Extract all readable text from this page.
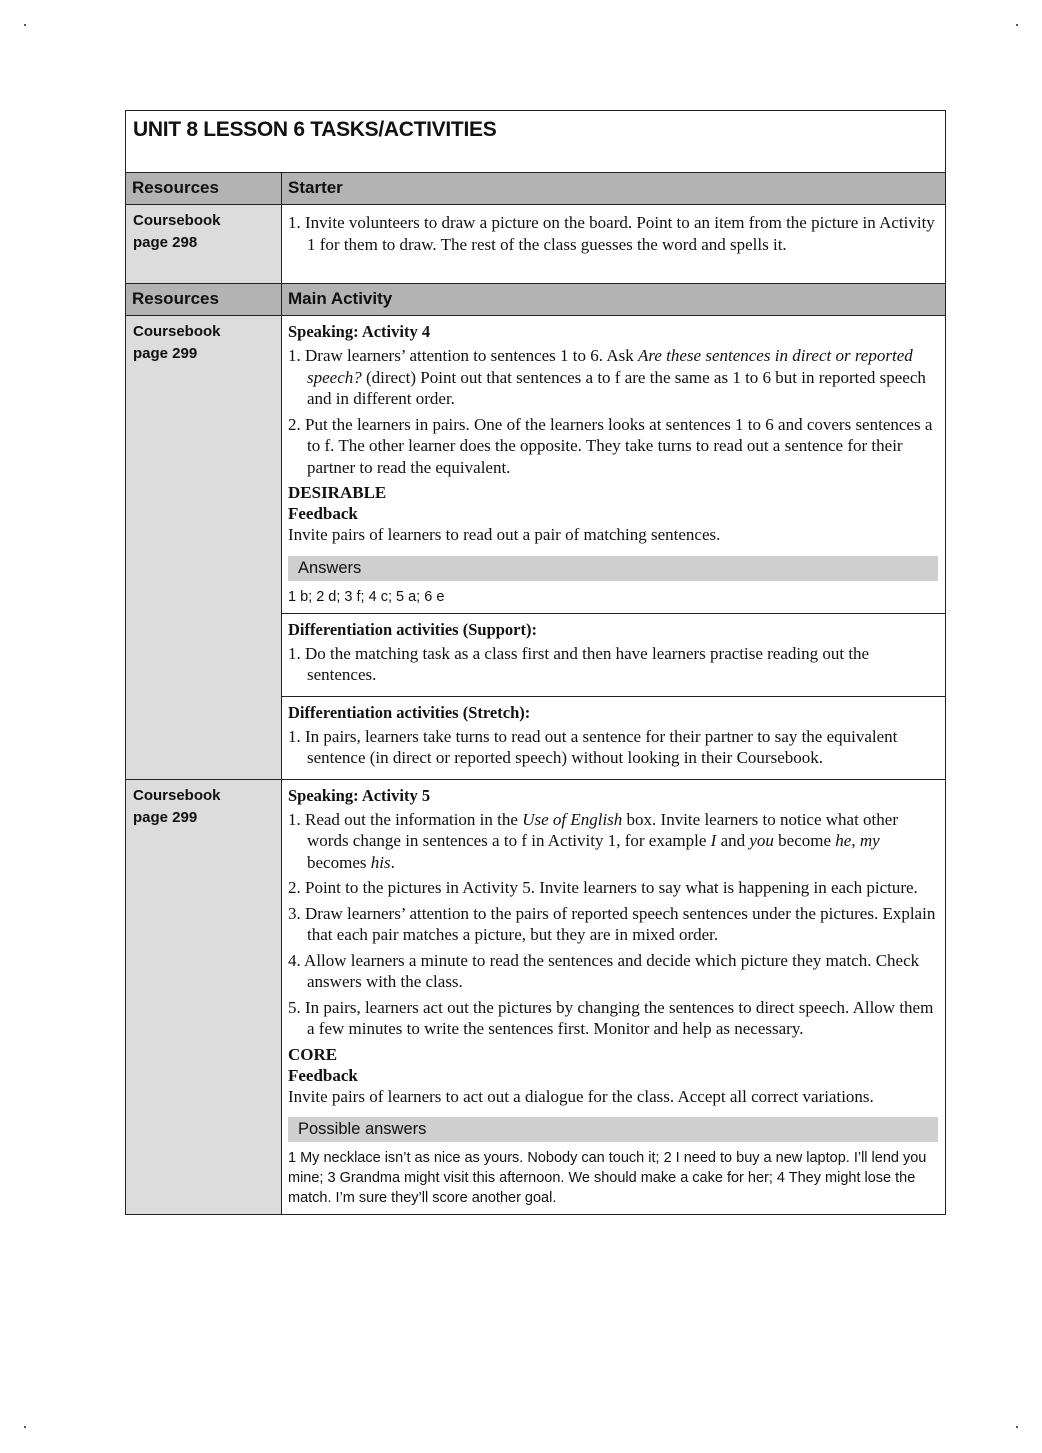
UNIT 8 LESSON 6 TASKS/ACTIVITIES
Resources	Starter
Coursebook
page 298
1. Invite volunteers to draw a picture on the board. Point to an item from the picture in Activity 1 for them to draw. The rest of the class guesses the word and spells it.
Resources	Main Activity
Coursebook
page 299
Speaking: Activity 4
1. Draw learners’ attention to sentences 1 to 6. Ask Are these sentences in direct or reported speech? (direct) Point out that sentences a to f are the same as 1 to 6 but in reported speech and in different order.
2. Put the learners in pairs. One of the learners looks at sentences 1 to 6 and covers sentences a to f. The other learner does the opposite. They take turns to read out a sentence for their partner to read the equivalent.
DESIRABLE
Feedback

Invite pairs of learners to read out a pair of matching sentences.

Answers
1 b; 2 d; 3 f; 4 c; 5 a; 6 e
Differentiation activities (Support):
1. Do the matching task as a class first and then have learners practise reading out the sentences.
Differentiation activities (Stretch):
1. In pairs, learners take turns to read out a sentence for their partner to say the equivalent sentence (in direct or reported speech) without looking in their Coursebook.
Coursebook
page 299
Speaking: Activity 5
1. Read out the information in the Use of English box. Invite learners to notice what other words change in sentences a to f in Activity 1, for example I and you become he, my becomes his.
2. Point to the pictures in Activity 5. Invite learners to say what is happening in each picture.
3. Draw learners’ attention to the pairs of reported speech sentences under the pictures. Explain that each pair matches a picture, but they are in mixed order.
4. Allow learners a minute to read the sentences and decide which picture they match. Check answers with the class.
5. In pairs, learners act out the pictures by changing the sentences to direct speech. Allow them a few minutes to write the sentences first. Monitor and help as necessary.
CORE
Feedback

Invite pairs of learners to act out a dialogue for the class. Accept all correct variations.

Possible answers
1 My necklace isn’t as nice as yours. Nobody can touch it; 2 I need to buy a new laptop. I’ll lend you mine; 3 Grandma might visit this afternoon. We should make a cake for her; 4 They might lose the match. I’m sure they’ll score another goal.
